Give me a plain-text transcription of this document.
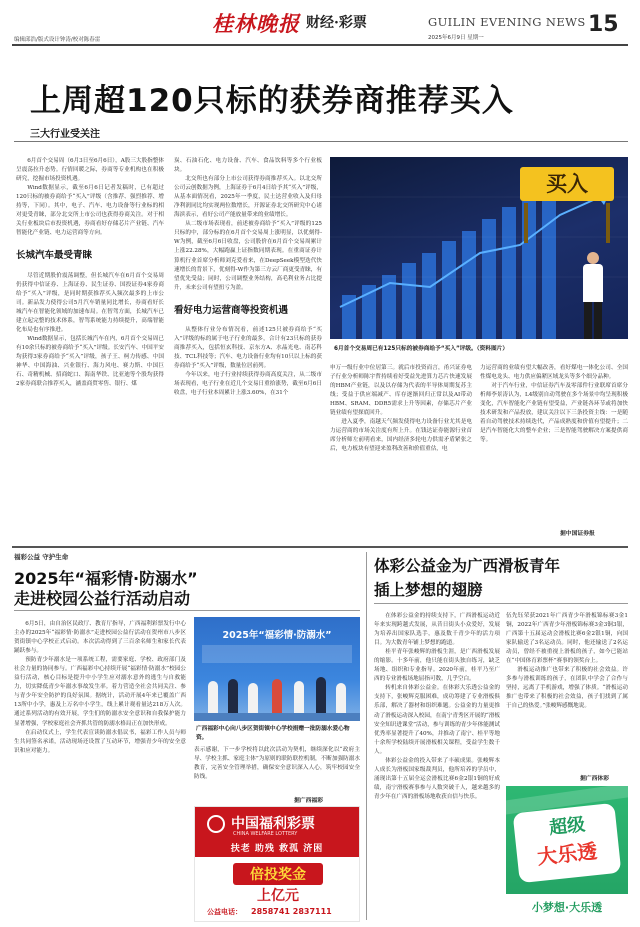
编辑邱浩/版式设计钟涛/校对陈春雷
桂林晚报 财经·彩票	GUILIN EVENING NEWS
2025年6月9日 星期一
15
上周超120只标的获券商推荐买入
三大行业受关注

6月首个交易周（6月3日至6月6日），A股三大股指整体呈震荡拉升态势。行情回暖之际，券商等专业机构也在积极研究，挖掘市场投资机遇。

Wind数据显示，截至6月6日记者发稿时，已有超过120只标的被券商给予“买入”评级（含推荐、强烈推荐、增持等，下同）。其中，电子、汽车、电力设备等行业标的相对更受青睐，部分北交所上市公司也获得券商关注。对于相关行业板块后市投资机遇，券商看好存储芯片产业链、汽车智能化产业链、电力运营商等方向。

长城汽车最受青睐

尽管近期股价震荡调整，但长城汽车在6月首个交易周仍获得中信证券、上海证券、民生证券、国投证券4家券商给予“买入”评级，是同时期获推荐买入频次最多的上市公司。新品发力使得公司5月汽车销量同比增长，券商看好长城汽车在智能化领域的加速布局。在智驾方面，长城汽车已建立起完整的技术体系，智驾系统能力持续提升，高端智能化布局也有序推进。

Wind数据显示，包括长城汽车在内，6月首个交易周已有10余只标的被券商给予“买入”评级。长安汽车、中国平安均获得3家券商给予“买入”评级，孩子王、柯力传感、中国神华、中国海油、兴业银行、海力风电、赛力斯、中国巨石、奇精机械、招商蛇口、海南华铁、比亚迪等个股均获得2家券商联合推荐买入，涵盖商贸零售、银行、煤

炭、石油石化、电力设备、汽车、食品饮料等多个行业板块。

北交所也有部分上市公司获得券商推荐买入。以北交所公司云创数据为例，上海证券于6月4日给予其“买入”评级，从基本面情况看，2025年一季度，民士达营业收入及归母净利润同比均实现两位数增长，开源证券北交所研究中心诸海滨表示，看好公司产能放量带来的业绩增长。

从二级市场表现看，前述被券商给予“买入”评级的125只标的中，部分标的在6月首个交易周上涨明显，以优刻得-W为例，截至6月6日收盘，公司股价在6月首个交易周累计上涨22.28%，大幅跑赢上证指数同期表现。在重商证券计算机行业首席分析师刘克爱看来，在DeepSeek模型迭代快速增长的背景下，优刻得-W作为第三方云厂商更受青睐，有望优先受益；同时，公司调整业务结构，高毛利业务占比提升，未来公司有望扭亏为盈。

看好电力运营商等投资机遇

从整体行业分布情况看，前述125只被券商给予“买入”评级的标的属于电子行业的最多，合计有23只标的获券商推荐买入，包括恒玄科技、京东方A、水晶光电、南芯科技、TCL科技等；汽车、电力设备行业均有10只以上标的获券商给予“买入”评级，数量位居前列。

今年以来，电子行业持续获得券商高度关注，从二级市场表现看，电子行业在近几个交易日重拾涨势，截至6月6日收盘，电子行业本周累计上涨3.60%，在31个

买入
6月首个交易周已有125只标的被券商给予“买入”评级。（资料图片）

申万一级行业中位居第三。就后市投资而言，甬兴证券电子行业分析师陈宇哲持续看好受益先进算力芯片快速发展的HBM产业链，以及以存储为代表的半导体周期复苏主线；受益于供应端减产、库存逐渐回归正常以及AI带动HBM、SRAM、DDR5需求上升等因素，存储芯片产业链业绩有望探底回升。

进入夏季，南越天气频发使得电力设备行业尤其是电力运营商的市场关注度有所上升。在钱达证券能源行业首席分析师左前明看来，国内经济多轮电力供需矛盾紧张之后，电力板块有望迎来盈利改善和价值重估，电

力运营商的业绩有望大幅改善，看好煤电一体化公司、全国性煤电龙头、电力供应偏紧区域龙头等多个细分品种。

对于汽车行业，中信证券汽车及零部件行业联席首席分析师李景涛认为，L4级别自动驾驶在多个场景中均呈现积极变化，汽车智能化产业链有望受益，产业链各环节或将加快技术研发和产品投放，建议关注以下三条投资主线：一是随着自动驾驶技术持续迭代，产品成熟度和价值有望提升；二是汽车智能化大的整车企业；三是智能驾驶解决方案提供商等。

据中国证券报
福彩公益 守护生命
2025年“福彩情·防溺水”
走进校园公益行活动启动

6月5日，由自治区民政厅、教育厅指导，广西福利彩票发行中心主办的2025年“福彩情·防溺水”走进校园公益行活动在贺州市八步区贺街镇中心学校正式启动。本次活动得到了三百余名师生和家长代表踊跃参与。

预防青少年溺水是一项系统工程，需要家庭、学校、政府部门及社会力量的协同参与。广西福彩中心持续开展“福彩情·防溺水”校园公益行活动，核心目标是提升中小学生应对溺水意外的逃生与自救能力，切实降低青少年溺水事故发生率。着力营造全社会共同关注、参与青少年安全防护的良好氛围。据统计，活动开展4年来已覆盖广西13所中小学，惠及上万名中小学生，线上累计观看量达218万人次。通过系列活动的有效开展，学生们的防溺水安全意识和自我保护能力显著增强，学校家庭社会齐抓共管的防溺水格局正在加快形成。

在启动仪式上，学生代表宣读防溺水倡议书，福彩工作人员与师生共同签名承诺，活动现场还设置了互动环节，增强青少年的安全意识和应对能力。

2025年“福彩情·防溺水”
广西福彩中心向八步区贺街镇中心学校捐赠一批防溺水爱心物资。

表示感谢，下一步学校将以此次活动为契机，继续深化以“政府主导、学校主抓、家庭主体”为原则的联防联控机制，不断加强防溺水教育，完善安全管理举措，确保安全意识深入人心，筑牢校园安全防线。

据广西福彩
中国福利彩票
CHINA WELFARE LOTTERY
扶老 助残 救孤 济困
倍投奖金
上亿元
公益电话： 2858741 2837111
体彩公益金为广西滑板青年
插上梦想的翅膀

在体彩公益金的持续支持下，广西滑板运动近年来实现跨越式发展，从昔日街头小众爱好，发展为培养出国家队选手，惠及数千青少年的活力项目。为大数青年铺上梦想的跑道。

桂平青年张峻辉的滑板生涯，是广西滑板发展的缩影。十多年前，他只能在街头独自练习，缺乏场地、组织和专业指导。2020年前，桂平乃至广西的专业滑板场地屈指可数，几乎空白。

转机来自体彩公益金。在体彩大乐透公益金的支持下，张峻辉克服困难，成功筹建了专业滑板俱乐部，解决了器材和组织难题。公益金的力量更推动了滑板运动深入校园，在南宁青秀区开展的“滑板安全知识进课堂”活动，参与训练的青少年体能测试优秀率显著提升了40%，并推动了南宁、桂平等地十余所学校陆续开展滑板相关课程，受益学生数千人。

体彩公益金的投入带来了丰硕成果。张峻辉本人成长为滑板国家级裁判员，他所培养的学员中，涌现出第十五届全运会滑板比赛6金2银1铜的好成绩，南宁滑板赛事参与人数突破千人，越来越多的青少年在广西的滑板场地收获自信与快乐。

伍先钰荣获2021年广西青少年滑板锦标赛3金1铜，2022年广西青少年滑板锦标赛3金3铜3银，广西第十五届运动会滑板比赛6金2银1铜，向国家队输送了3名运动员。同时，他还输送了2名运动员，曾经不被重视上滑板的孩子，如今已能站在“中国体育彩票杯”赛事的领奖台上。

滑板运动推广也带来了积极的社会效益。许多参与滑板训练的孩子，在团队中学会了合作与坚持，远离了手机游戏，增强了体质。“滑板运动推广也带来了积极的社会效益，孩子们找到了属于自己的热爱。”张峻辉感慨地说。

据广西体彩
超级
大乐透
小梦想·大乐透
